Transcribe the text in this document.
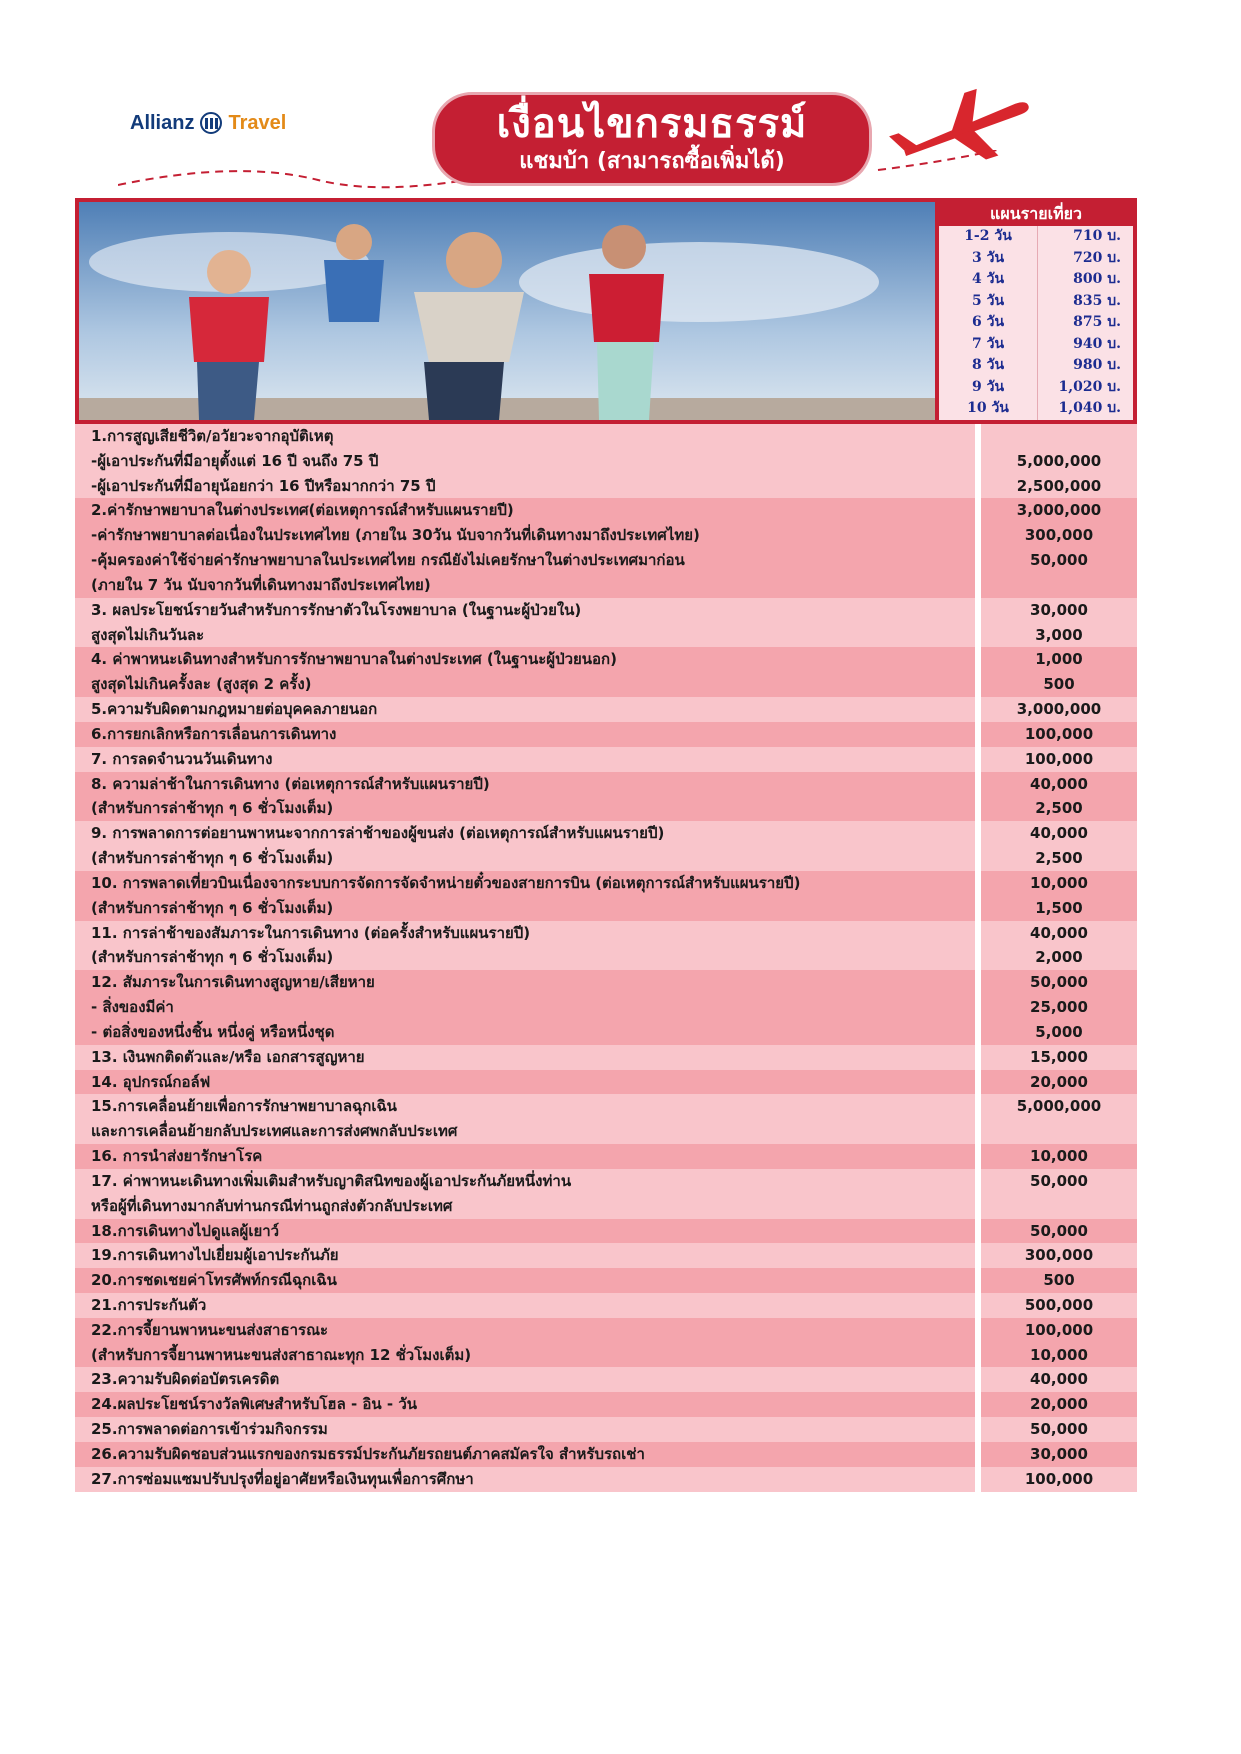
Allianz Travel	เงื่อนไขกรมธรรม์
แชมบ้า (สามารถซื้อเพิ่มได้)
แผนรายเที่ยว
1-2 วัน	710 บ.
3 วัน	720 บ.
4 วัน	800 บ.
5 วัน	835 บ.
6 วัน	875 บ.
7 วัน	940 บ.
8 วัน	980 บ.
9 วัน	1,020 บ.
10 วัน	1,040 บ.
1.การสูญเสียชีวิต/อวัยวะจากอุบัติเหตุ
-ผู้เอาประกันที่มีอายุตั้งแต่ 16 ปี จนถึง 75 ปี	5,000,000
-ผู้เอาประกันที่มีอายุน้อยกว่า 16 ปีหรือมากกว่า 75 ปี	2,500,000
2.ค่ารักษาพยาบาลในต่างประเทศ(ต่อเหตุการณ์สำหรับแผนรายปี)	3,000,000
-ค่ารักษาพยาบาลต่อเนื่องในประเทศไทย (ภายใน 30วัน นับจากวันที่เดินทางมาถึงประเทศไทย)	300,000
-คุ้มครองค่าใช้จ่ายค่ารักษาพยาบาลในประเทศไทย กรณียังไม่เคยรักษาในต่างประเทศมาก่อน	50,000
(ภายใน 7 วัน นับจากวันที่เดินทางมาถึงประเทศไทย)
3. ผลประโยชน์รายวันสำหรับการรักษาตัวในโรงพยาบาล (ในฐานะผู้ป่วยใน)	30,000
สูงสุดไม่เกินวันละ	3,000
4. ค่าพาหนะเดินทางสำหรับการรักษาพยาบาลในต่างประเทศ (ในฐานะผู้ป่วยนอก)	1,000
สูงสุดไม่เกินครั้งละ (สูงสุด 2 ครั้ง)	500
5.ความรับผิดตามกฎหมายต่อบุคคลภายนอก	3,000,000
6.การยกเลิกหรือการเลื่อนการเดินทาง	100,000
7. การลดจำนวนวันเดินทาง	100,000
8. ความล่าช้าในการเดินทาง (ต่อเหตุการณ์สำหรับแผนรายปี)	40,000
(สำหรับการล่าช้าทุก ๆ 6 ชั่วโมงเต็ม)	2,500
9. การพลาดการต่อยานพาหนะจากการล่าช้าของผู้ขนส่ง (ต่อเหตุการณ์สำหรับแผนรายปี)	40,000
(สำหรับการล่าช้าทุก ๆ 6 ชั่วโมงเต็ม)	2,500
10. การพลาดเที่ยวบินเนื่องจากระบบการจัดการจัดจำหน่ายตั๋วของสายการบิน (ต่อเหตุการณ์สำหรับแผนรายปี)	10,000
(สำหรับการล่าช้าทุก ๆ 6 ชั่วโมงเต็ม)	1,500
11. การล่าช้าของสัมภาระในการเดินทาง (ต่อครั้งสำหรับแผนรายปี)	40,000
(สำหรับการล่าช้าทุก ๆ 6 ชั่วโมงเต็ม)	2,000
12. สัมภาระในการเดินทางสูญหาย/เสียหาย	50,000
- สิ่งของมีค่า	25,000
- ต่อสิ่งของหนึ่งชิ้น หนึ่งคู่ หรือหนึ่งชุด	5,000
13. เงินพกติดตัวและ/หรือ เอกสารสูญหาย	15,000
14. อุปกรณ์กอล์ฟ	20,000
15.การเคลื่อนย้ายเพื่อการรักษาพยาบาลฉุกเฉิน	5,000,000
และการเคลื่อนย้ายกลับประเทศและการส่งศพกลับประเทศ
16. การนำส่งยารักษาโรค	10,000
17. ค่าพาหนะเดินทางเพิ่มเติมสำหรับญาติสนิทของผู้เอาประกันภัยหนึ่งท่าน	50,000
หรือผู้ที่เดินทางมากลับท่านกรณีท่านถูกส่งตัวกลับประเทศ
18.การเดินทางไปดูแลผู้เยาว์	50,000
19.การเดินทางไปเยี่ยมผู้เอาประกันภัย	300,000
20.การชดเชยค่าโทรศัพท์กรณีฉุกเฉิน	500
21.การประกันตัว	500,000
22.การจี้ยานพาหนะขนส่งสาธารณะ	100,000
(สำหรับการจี้ยานพาหนะขนส่งสาธาณะทุก 12 ชั่วโมงเต็ม)	10,000
23.ความรับผิดต่อบัตรเครดิต	40,000
24.ผลประโยชน์รางวัลพิเศษสำหรับโฮล - อิน - วัน	20,000
25.การพลาดต่อการเข้าร่วมกิจกรรม	50,000
26.ความรับผิดชอบส่วนแรกของกรมธรรม์ประกันภัยรถยนต์ภาคสมัครใจ สำหรับรถเช่า	30,000
27.การซ่อมแซมปรับปรุงที่อยู่อาศัยหรือเงินทุนเพื่อการศึกษา	100,000
